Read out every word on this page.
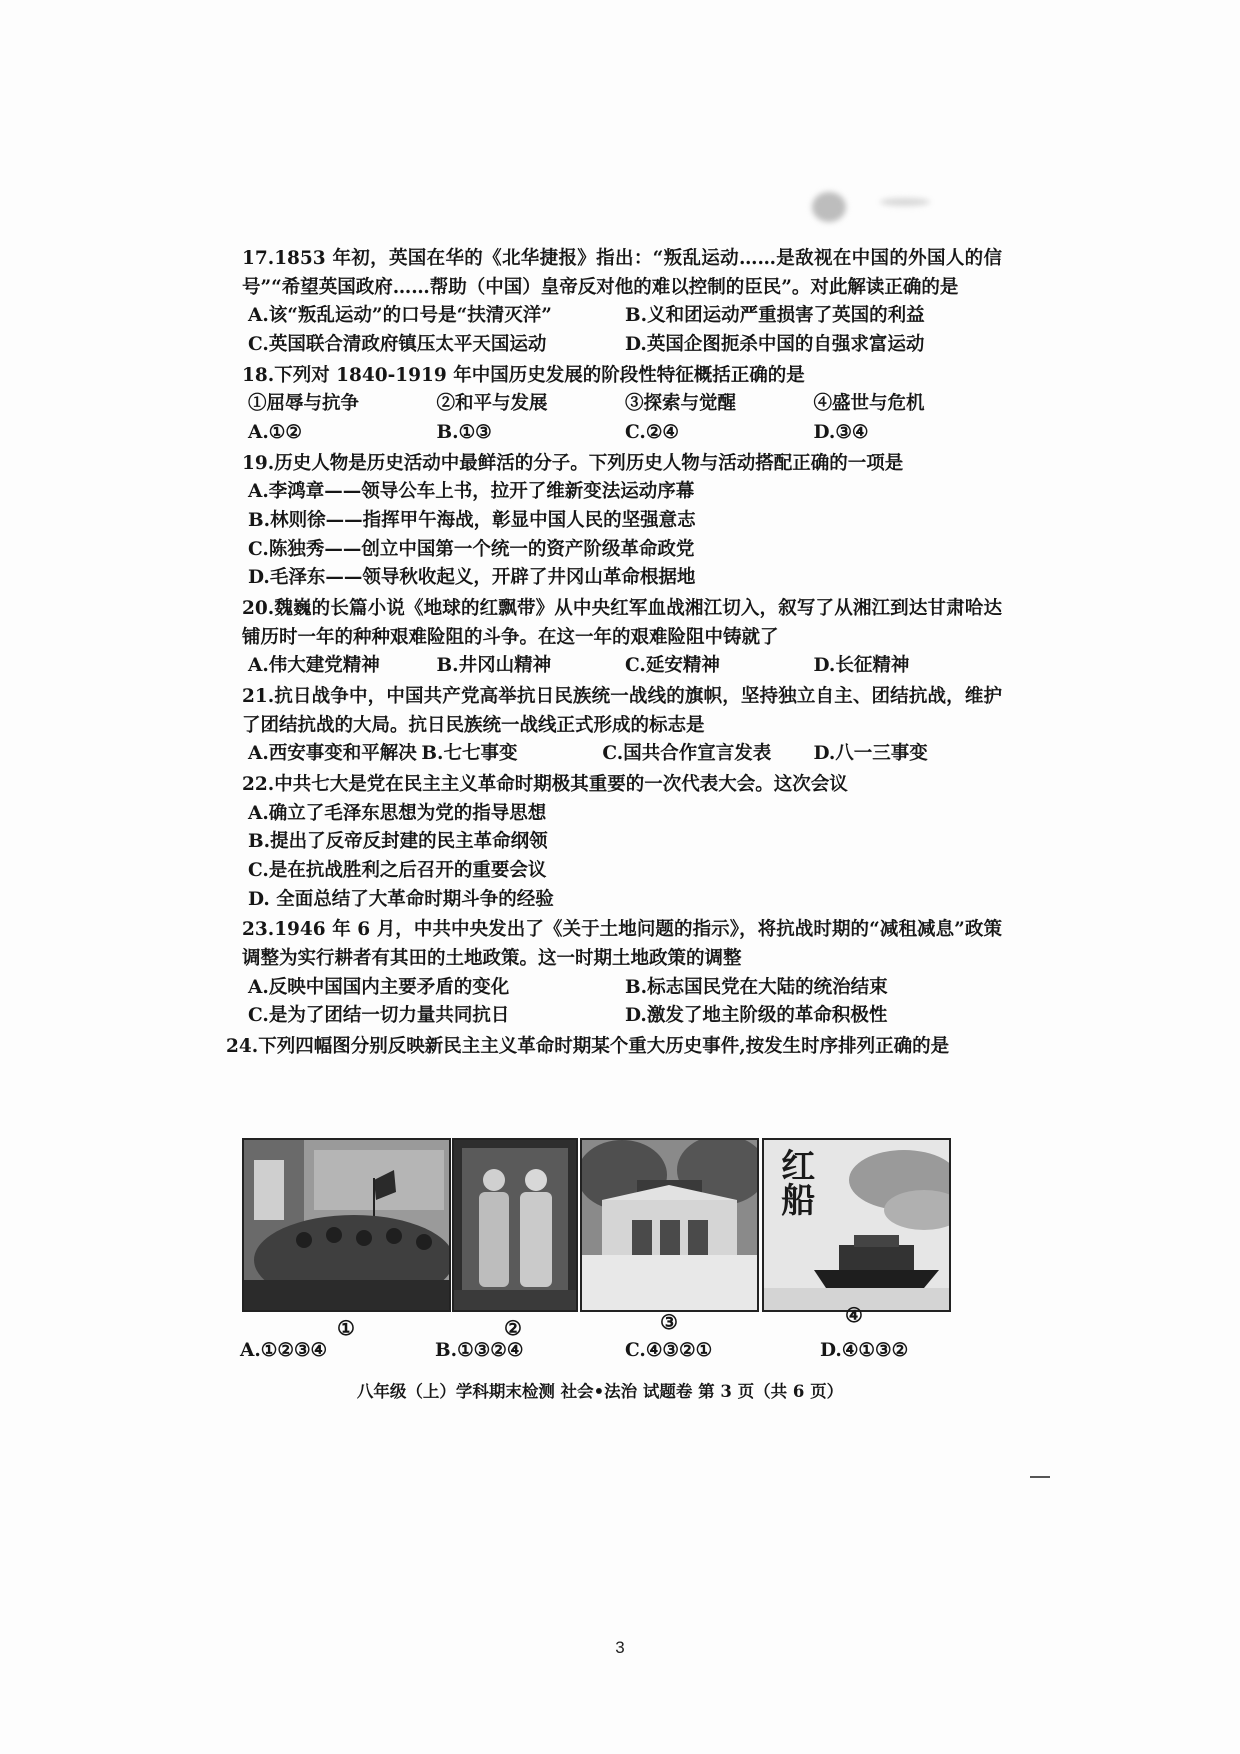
17.1853 年初，英国在华的《北华捷报》指出：“叛乱运动……是敌视在中国的外国人的信号”“希望英国政府……帮助（中国）皇帝反对他的难以控制的臣民”。对此解读正确的是

A.该“叛乱运动”的口号是“扶清灭洋”	B.义和团运动严重损害了英国的利益
C.英国联合清政府镇压太平天国运动	D.英国企图扼杀中国的自强求富运动

18.下列对 1840-1919 年中国历史发展的阶段性特征概括正确的是

①屈辱与抗争	②和平与发展	③探索与觉醒	④盛世与危机
A.①②	B.①③	C.②④	D.③④

19.历史人物是历史活动中最鲜活的分子。下列历史人物与活动搭配正确的一项是

A.李鸿章——领导公车上书，拉开了维新变法运动序幕
B.林则徐——指挥甲午海战，彰显中国人民的坚强意志
C.陈独秀——创立中国第一个统一的资产阶级革命政党
D.毛泽东——领导秋收起义，开辟了井冈山革命根据地

20.魏巍的长篇小说《地球的红飘带》从中央红军血战湘江切入，叙写了从湘江到达甘肃哈达铺历时一年的种种艰难险阻的斗争。在这一年的艰难险阻中铸就了

A.伟大建党精神	B.井冈山精神	C.延安精神	D.长征精神

21.抗日战争中，中国共产党高举抗日民族统一战线的旗帜，坚持独立自主、团结抗战，维护了团结抗战的大局。抗日民族统一战线正式形成的标志是

A.西安事变和平解决 B.七七事变	C.国共合作宣言发表	D.八一三事变

22.中共七大是党在民主主义革命时期极其重要的一次代表大会。这次会议

A.确立了毛泽东思想为党的指导思想
B.提出了反帝反封建的民主革命纲领
C.是在抗战胜利之后召开的重要会议
D. 全面总结了大革命时期斗争的经验

23.1946 年 6 月，中共中央发出了《关于土地问题的指示》，将抗战时期的“减租减息”政策调整为实行耕者有其田的土地政策。这一时期土地政策的调整

A.反映中国国内主要矛盾的变化	B.标志国民党在大陆的统治结束
C.是为了团结一切力量共同抗日	D.激发了地主阶级的革命积极性

24.下列四幅图分别反映新民主主义革命时期某个重大历史事件,按发生时序排列正确的是

红船
①	②	③	④
A.①②③④	B.①③②④	C.④③②①	D.④①③②
八年级（上）学科期末检测 社会•法治 试题卷 第 3 页（共 6 页）
3
